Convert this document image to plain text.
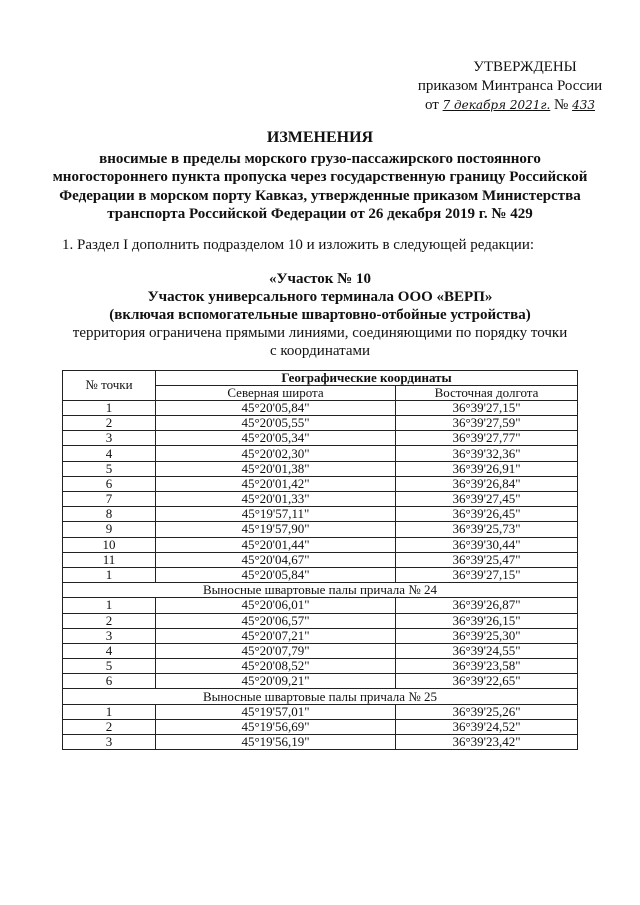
УТВЕРЖДЕНЫ
приказом Минтранса России
от 7 декабря 2021г. № 433
ИЗМЕНЕНИЯ
вносимые в пределы морского грузо-пассажирского постоянного
многостороннего пункта пропуска через государственную границу Российской
Федерации в морском порту Кавказ, утвержденные приказом Министерства
транспорта Российской Федерации от 26 декабря 2019 г. № 429
1. Раздел I дополнить подразделом 10 и изложить в следующей редакции:
«Участок № 10
Участок универсального терминала ООО «ВЕРП»
(включая вспомогательные швартовно-отбойные устройства)
территория ограничена прямыми линиями, соединяющими по порядку точки
с координатами
№ точки	Географические координаты	
	Северная широта	Восточная долгота
1	45°20'05,84"	36°39'27,15"
2	45°20'05,55"	36°39'27,59"
3	45°20'05,34"	36°39'27,77"
4	45°20'02,30"	36°39'32,36"
5	45°20'01,38"	36°39'26,91"
6	45°20'01,42"	36°39'26,84"
7	45°20'01,33"	36°39'27,45"
8	45°19'57,11"	36°39'26,45"
9	45°19'57,90"	36°39'25,73"
10	45°20'01,44"	36°39'30,44"
11	45°20'04,67"	36°39'25,47"
1	45°20'05,84"	36°39'27,15"
Выносные швартовые палы причала № 24		
1	45°20'06,01"	36°39'26,87"
2	45°20'06,57"	36°39'26,15"
3	45°20'07,21"	36°39'25,30"
4	45°20'07,79"	36°39'24,55"
5	45°20'08,52"	36°39'23,58"
6	45°20'09,21"	36°39'22,65"
Выносные швартовые палы причала № 25		
1	45°19'57,01"	36°39'25,26"
2	45°19'56,69"	36°39'24,52"
3	45°19'56,19"	36°39'23,42"
